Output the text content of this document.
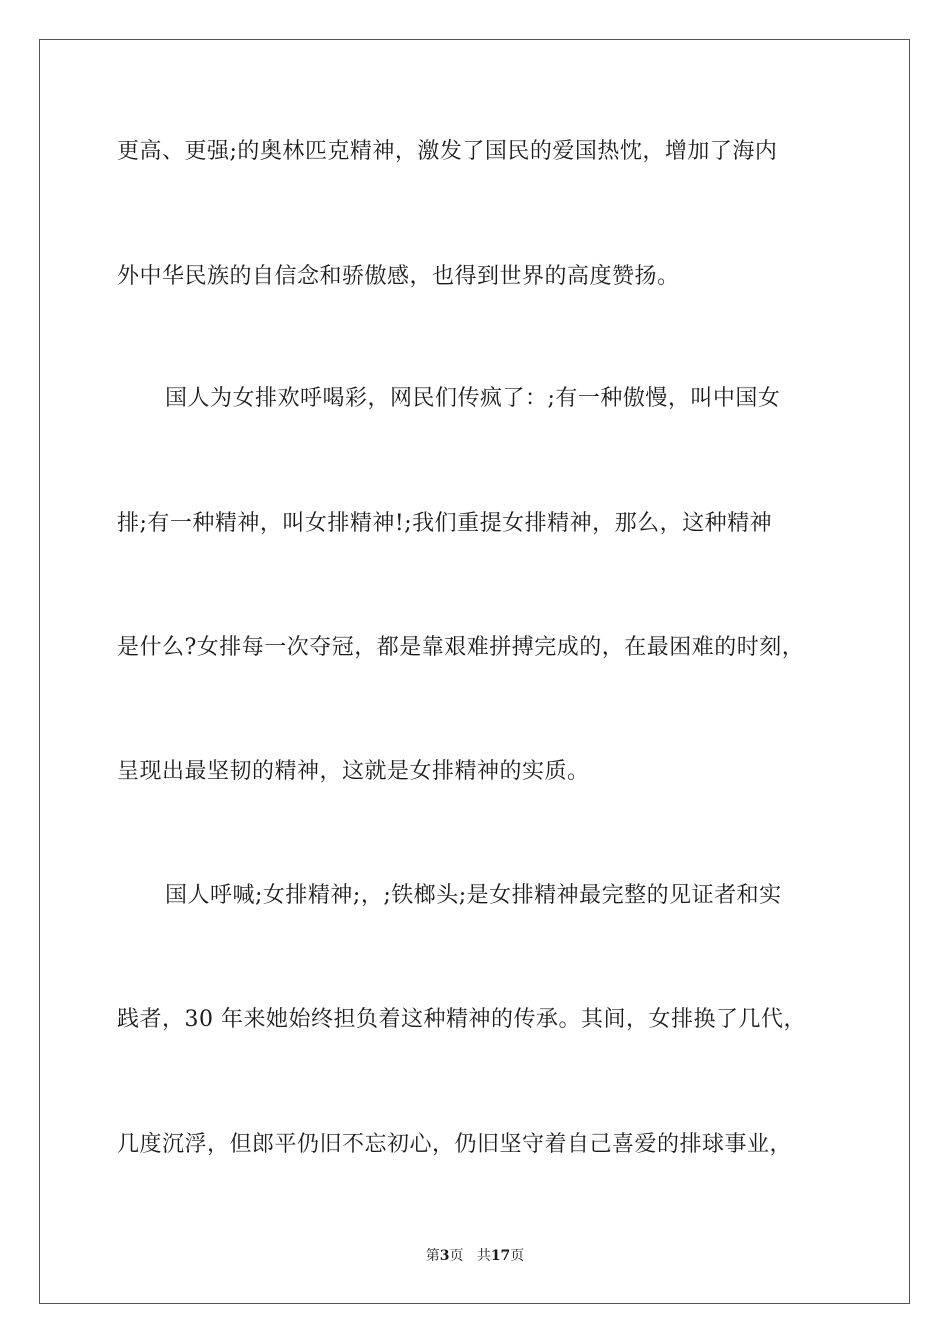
更高、更强;的奥林匹克精神，激发了国民的爱国热忱，增加了海内
外中华民族的自信念和骄傲感，也得到世界的高度赞扬。
国人为女排欢呼喝彩，网民们传疯了：;有一种傲慢，叫中国女
排;有一种精神，叫女排精神!;我们重提女排精神，那么，这种精神
是什么?女排每一次夺冠，都是靠艰难拼搏完成的，在最困难的时刻，
呈现出最坚韧的精神，这就是女排精神的实质。
国人呼喊;女排精神;，;铁榔头;是女排精神最完整的见证者和实
践者，30 年来她始终担负着这种精神的传承。其间，女排换了几代，
几度沉浮，但郎平仍旧不忘初心，仍旧坚守着自己喜爱的排球事业，
第3页 共17页
